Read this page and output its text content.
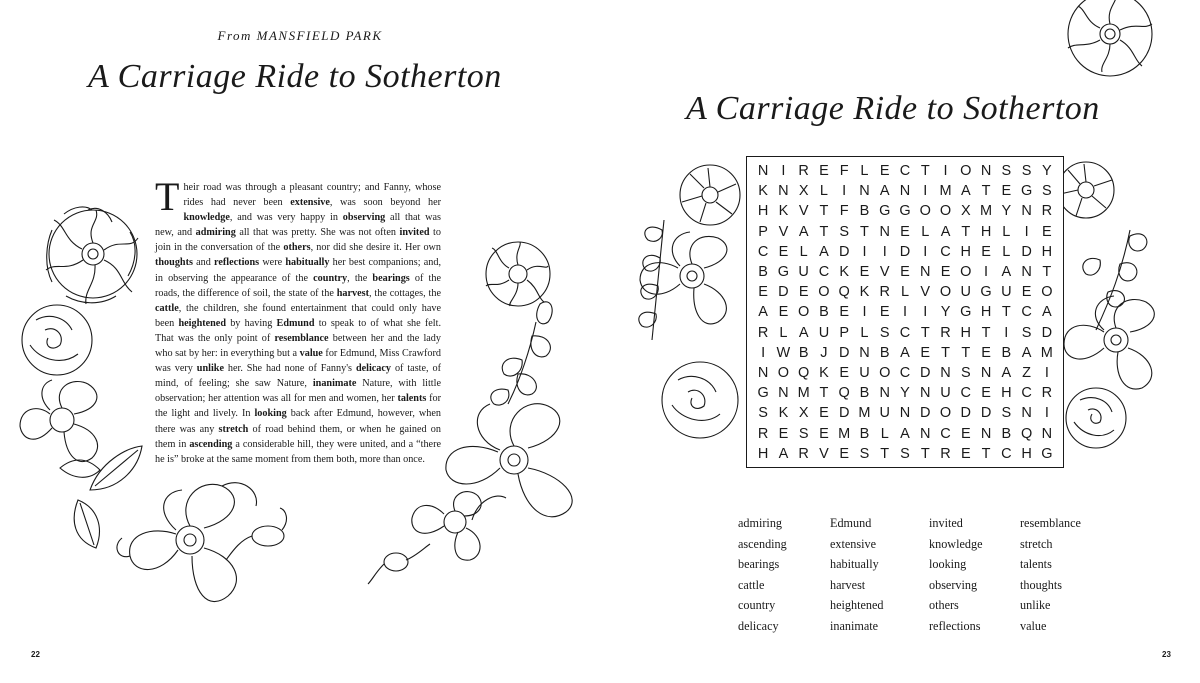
From MANSFIELD PARK
A Carriage Ride to Sotherton

T heir road was through a pleasant country; and Fanny, whose rides had never been extensive, was soon beyond her knowledge, and was very happy in observing all that was new, and admiring all that was pretty. She was not often invited to join in the conversation of the others, nor did she desire it. Her own thoughts and reflections were habitually her best companions; and, in observing the appearance of the country, the bearings of the roads, the difference of soil, the state of the harvest, the cottages, the cattle, the children, she found entertainment that could only have been heightened by having Edmund to speak to of what she felt. That was the only point of resemblance between her and the lady who sat by her: in everything but a value for Edmund, Miss Crawford was very unlike her. She had none of Fanny's delicacy of taste, of mind, of feeling; she saw Nature, inanimate Nature, with little observation; her attention was all for men and women, her talents for the light and lively. In looking back after Edmund, however, when there was any stretch of road behind them, or when he gained on them in ascending a considerable hill, they were united, and a “there he is” broke at the same moment from them both, more than once.

22
A Carriage Ride to Sotherton
N I R E F L E C T I O N S S Y
K N X L I N A N I M A T E G S
H K V T F B G G O O X M Y N R
P V A T S T N E L A T H L I E
C E L A D I	I D I C H E L D H
B G U C K E V E N E O I A N T
E D E O Q K R L V O U G U E O
A E O B E I E I	I Y G H T C A
R L A U P L S C T R H T I S D
I W B J D N B A E T T E B A M
N O Q K E U O C D N S N A Z I
G N M T Q B N Y N U C E H C R
S K X E D M U N D O D D S N I
R E S E M B L A N C E N B Q N
H A R V E S T S T R E T C H G
admiring
ascending
bearings
cattle
country
delicacy
Edmund
extensive
habitually
harvest
heightened
inanimate
invited
knowledge
looking
observing
others
reflections
resemblance
stretch
talents
thoughts
unlike
value
23
